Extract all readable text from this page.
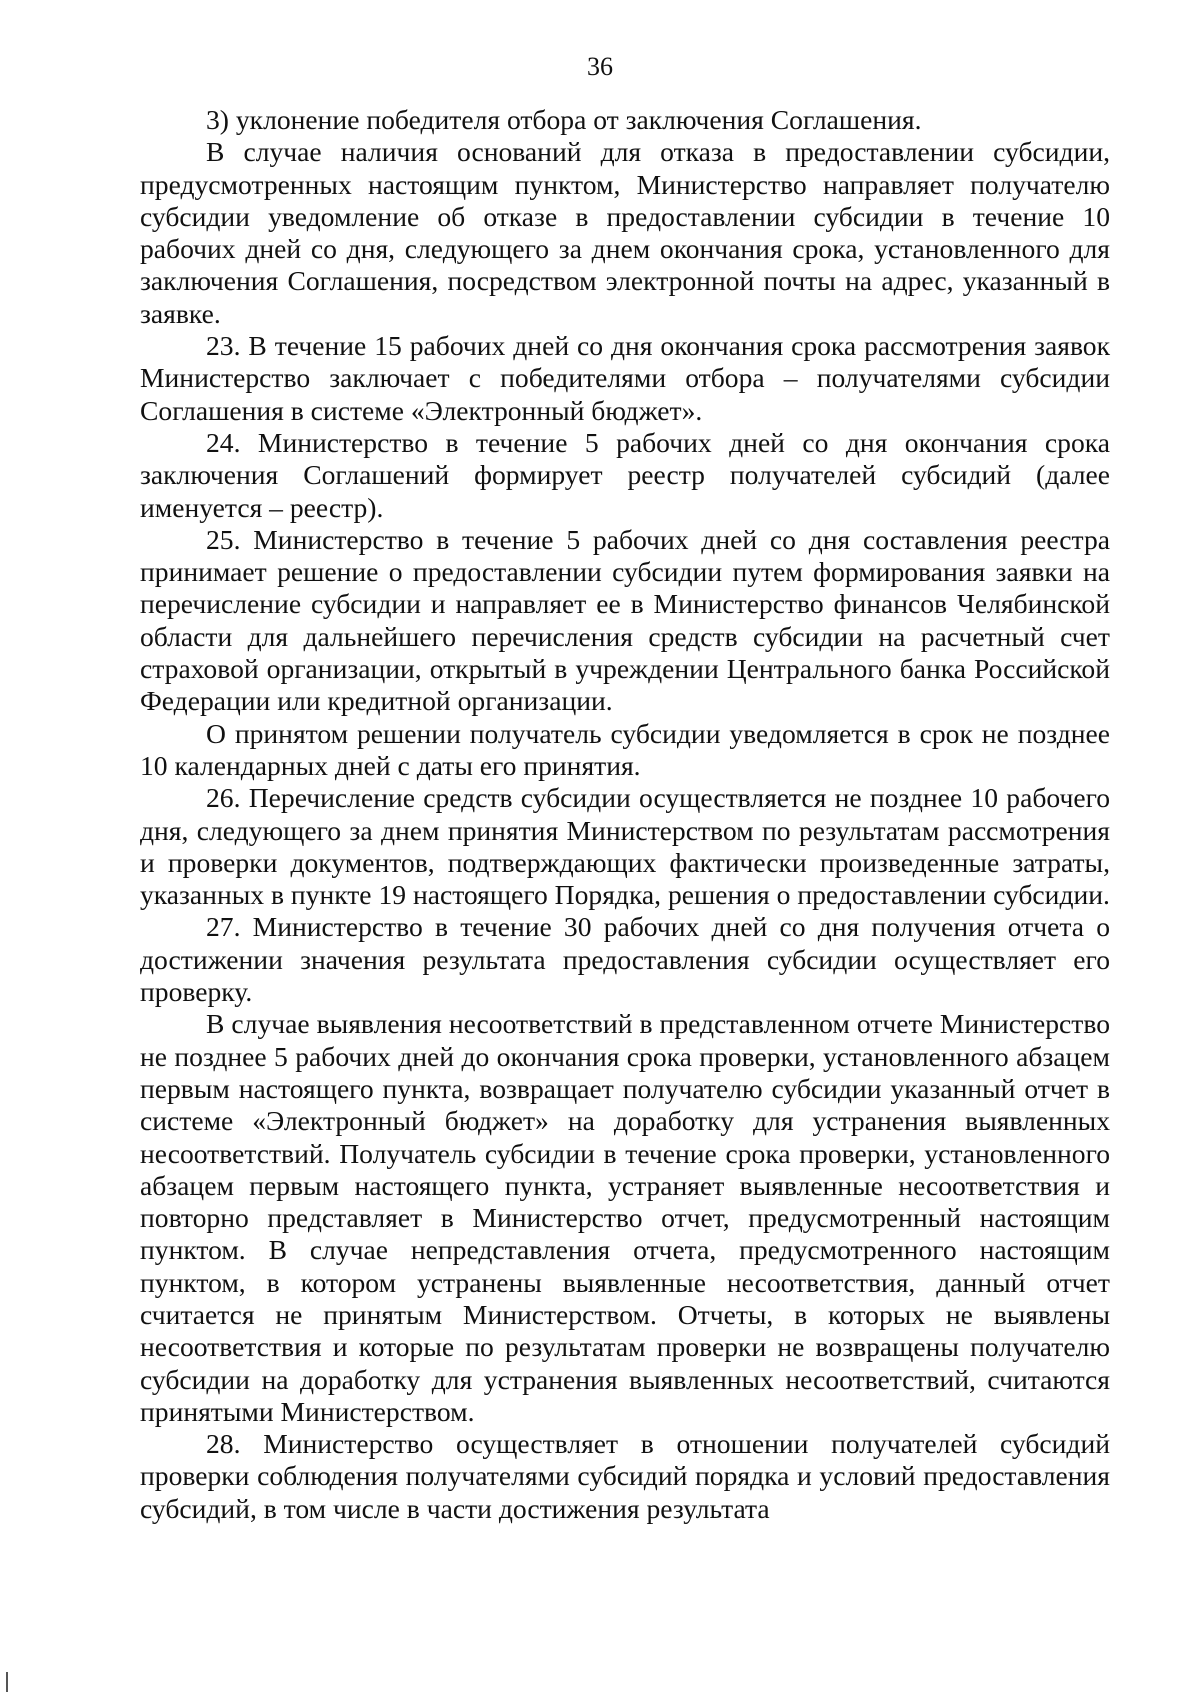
36

3) уклонение победителя отбора от заключения Соглашения.

В случае наличия оснований для отказа в предоставлении субсидии, предусмотренных настоящим пунктом, Министерство направляет получателю субсидии уведомление об отказе в предоставлении субсидии в течение 10 рабочих дней со дня, следующего за днем окончания срока, установленного для заключения Соглашения, посредством электронной почты на адрес, указанный в заявке.

23. В течение 15 рабочих дней со дня окончания срока рассмотрения заявок Министерство заключает с победителями отбора – получателями субсидии Соглашения в системе «Электронный бюджет».

24. Министерство в течение 5 рабочих дней со дня окончания срока заключения Соглашений формирует реестр получателей субсидий (далее именуется – реестр).

25. Министерство в течение 5 рабочих дней со дня составления реестра принимает решение о предоставлении субсидии путем формирования заявки на перечисление субсидии и направляет ее в Министерство финансов Челябинской области для дальнейшего перечисления средств субсидии на расчетный счет страховой организации, открытый в учреждении Центрального банка Российской Федерации или кредитной организации.

О принятом решении получатель субсидии уведомляется в срок не позднее 10 календарных дней с даты его принятия.

26. Перечисление средств субсидии осуществляется не позднее 10 рабочего дня, следующего за днем принятия Министерством по результатам рассмотрения и проверки документов, подтверждающих фактически произведенные затраты, указанных в пункте 19 настоящего Порядка, решения о предоставлении субсидии.

27. Министерство в течение 30 рабочих дней со дня получения отчета о достижении значения результата предоставления субсидии осуществляет его проверку.

В случае выявления несоответствий в представленном отчете Министерство не позднее 5 рабочих дней до окончания срока проверки, установленного абзацем первым настоящего пункта, возвращает получателю субсидии указанный отчет в системе «Электронный бюджет» на доработку для устранения выявленных несоответствий. Получатель субсидии в течение срока проверки, установленного абзацем первым настоящего пункта, устраняет выявленные несоответствия и повторно представляет в Министерство отчет, предусмотренный настоящим пунктом. В случае непредставления отчета, предусмотренного настоящим пунктом, в котором устранены выявленные несоответствия, данный отчет считается не принятым Министерством. Отчеты, в которых не выявлены несоответствия и которые по результатам проверки не возвращены получателю субсидии на доработку для устранения выявленных несоответствий, считаются принятыми Министерством.

28. Министерство осуществляет в отношении получателей субсидий проверки соблюдения получателями субсидий порядка и условий предоставления субсидий, в том числе в части достижения результата
